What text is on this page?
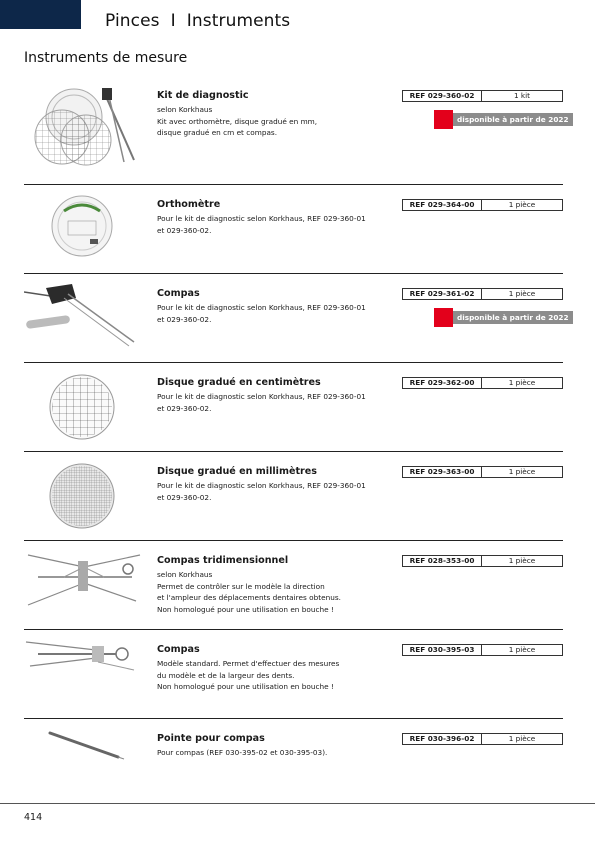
Pinces  I  Instruments
Instruments de mesure
Kit de diagnostic
selon Korkhaus
Kit avec orthomètre, disque gradué en mm,
disque gradué en cm et compas.
REF 029-360-02	1 kit
disponible à partir de 2022
Orthomètre
Pour le kit de diagnostic selon Korkhaus, REF 029-360-01
et 029-360-02.
REF 029-364-00	1 pièce
Compas
Pour le kit de diagnostic selon Korkhaus, REF 029-360-01
et 029-360-02.
REF 029-361-02	1 pièce
disponible à partir de 2022
Disque gradué en centimètres
Pour le kit de diagnostic selon Korkhaus, REF 029-360-01
et 029-360-02.
REF 029-362-00	1 pièce
Disque gradué en millimètres
Pour le kit de diagnostic selon Korkhaus, REF 029-360-01
et 029-360-02.
REF 029-363-00	1 pièce
Compas tridimensionnel
selon Korkhaus
Permet de contrôler sur le modèle la direction
et l'ampleur des déplacements dentaires obtenus.
Non homologué pour une utilisation en bouche !
REF 028-353-00	1 pièce
Compas
Modèle standard. Permet d'effectuer des mesures
du modèle et de la largeur des dents.
Non homologué pour une utilisation en bouche !
REF 030-395-03	1 pièce
Pointe pour compas
Pour compas (REF 030-395-02 et 030-395-03).
REF 030-396-02	1 pièce
414
